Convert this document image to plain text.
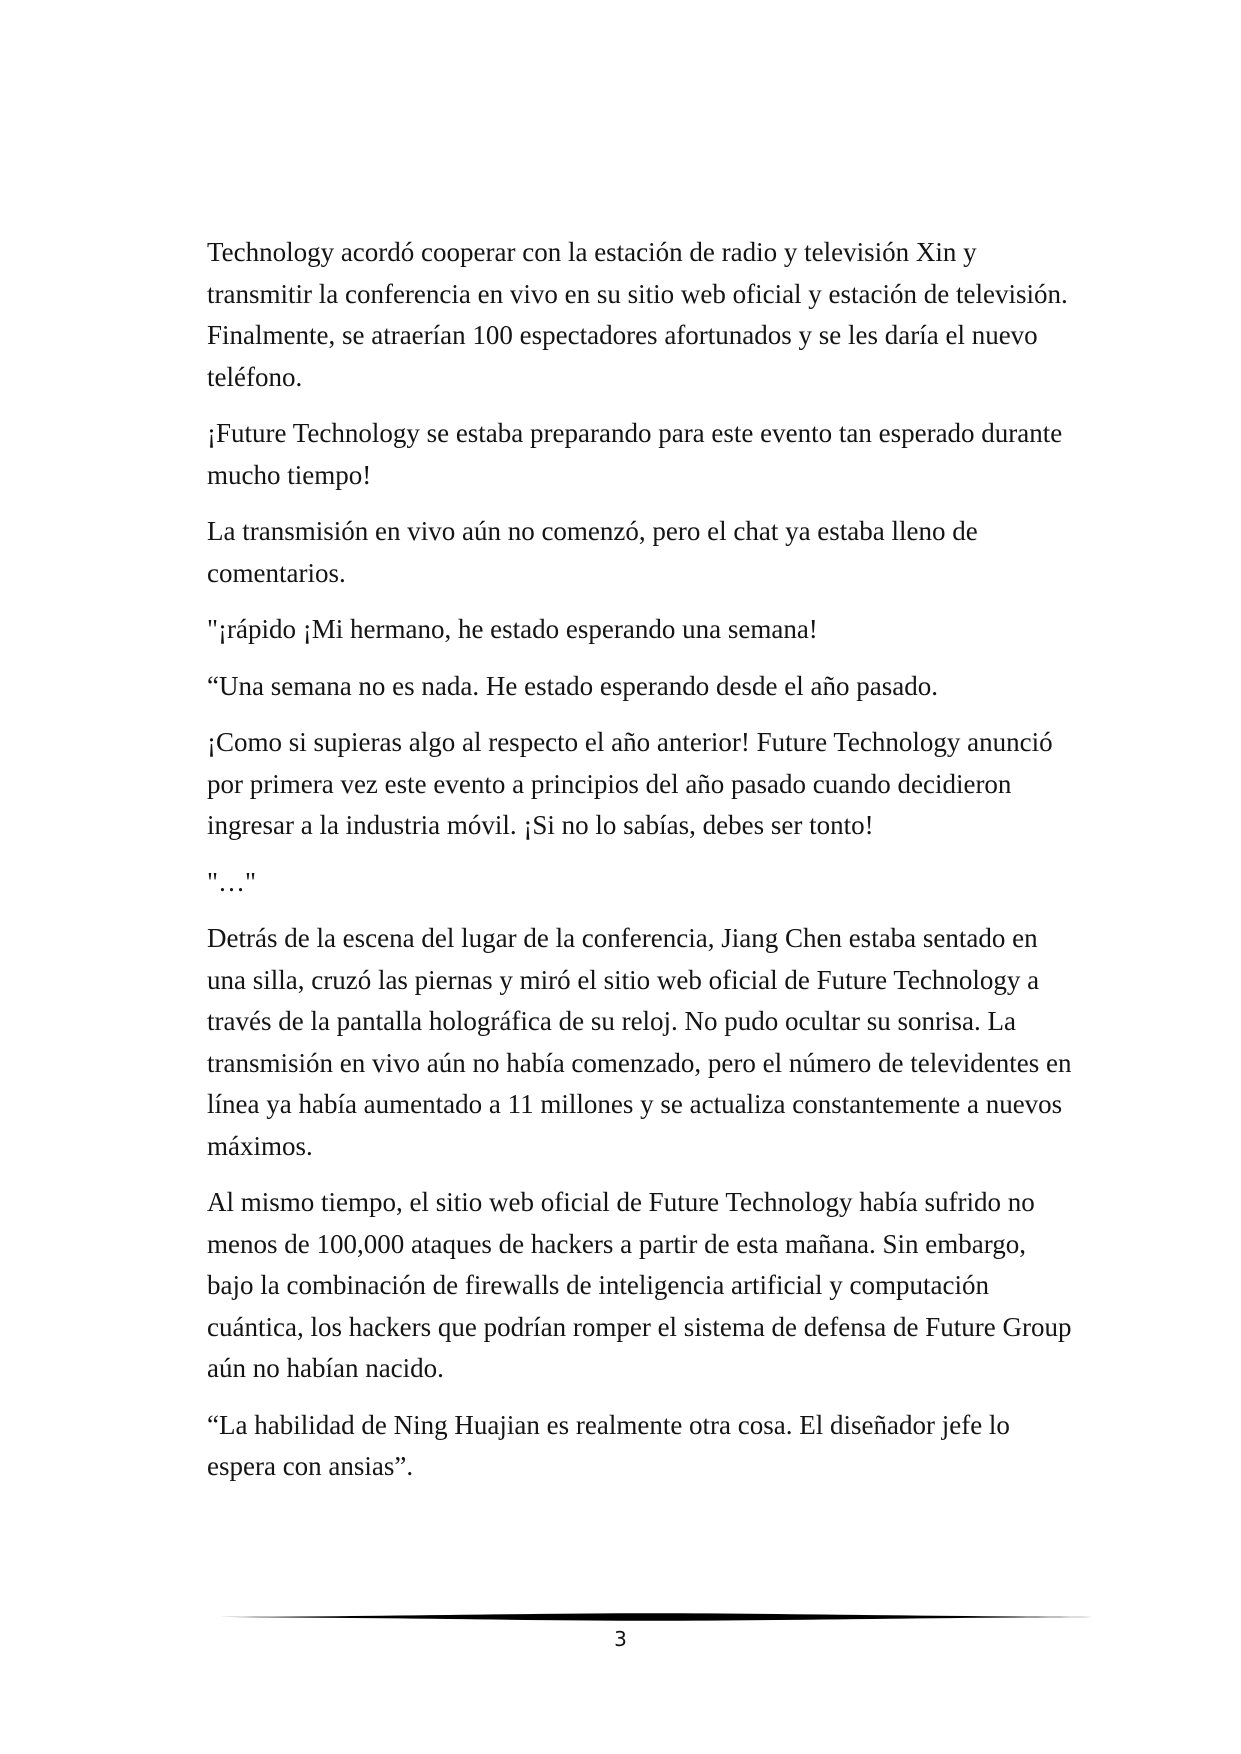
Technology acordó cooperar con la estación de radio y televisión Xin y transmitir la conferencia en vivo en su sitio web oficial y estación de televisión. Finalmente, se atraerían 100 espectadores afortunados y se les daría el nuevo teléfono.

¡Future Technology se estaba preparando para este evento tan esperado durante mucho tiempo!

La transmisión en vivo aún no comenzó, pero el chat ya estaba lleno de comentarios.

"¡rápido ¡Mi hermano, he estado esperando una semana!

“Una semana no es nada. He estado esperando desde el año pasado.

¡Como si supieras algo al respecto el año anterior! Future Technology anunció por primera vez este evento a principios del año pasado cuando decidieron ingresar a la industria móvil. ¡Si no lo sabías, debes ser tonto!

"…"

Detrás de la escena del lugar de la conferencia, Jiang Chen estaba sentado en una silla, cruzó las piernas y miró el sitio web oficial de Future Technology a través de la pantalla holográfica de su reloj. No pudo ocultar su sonrisa. La transmisión en vivo aún no había comenzado, pero el número de televidentes en línea ya había aumentado a 11 millones y se actualiza constantemente a nuevos máximos.

Al mismo tiempo, el sitio web oficial de Future Technology había sufrido no menos de 100,000 ataques de hackers a partir de esta mañana. Sin embargo, bajo la combinación de firewalls de inteligencia artificial y computación cuántica, los hackers que podrían romper el sistema de defensa de Future Group aún no habían nacido.

“La habilidad de Ning Huajian es realmente otra cosa. El diseñador jefe lo espera con ansias”.

3
